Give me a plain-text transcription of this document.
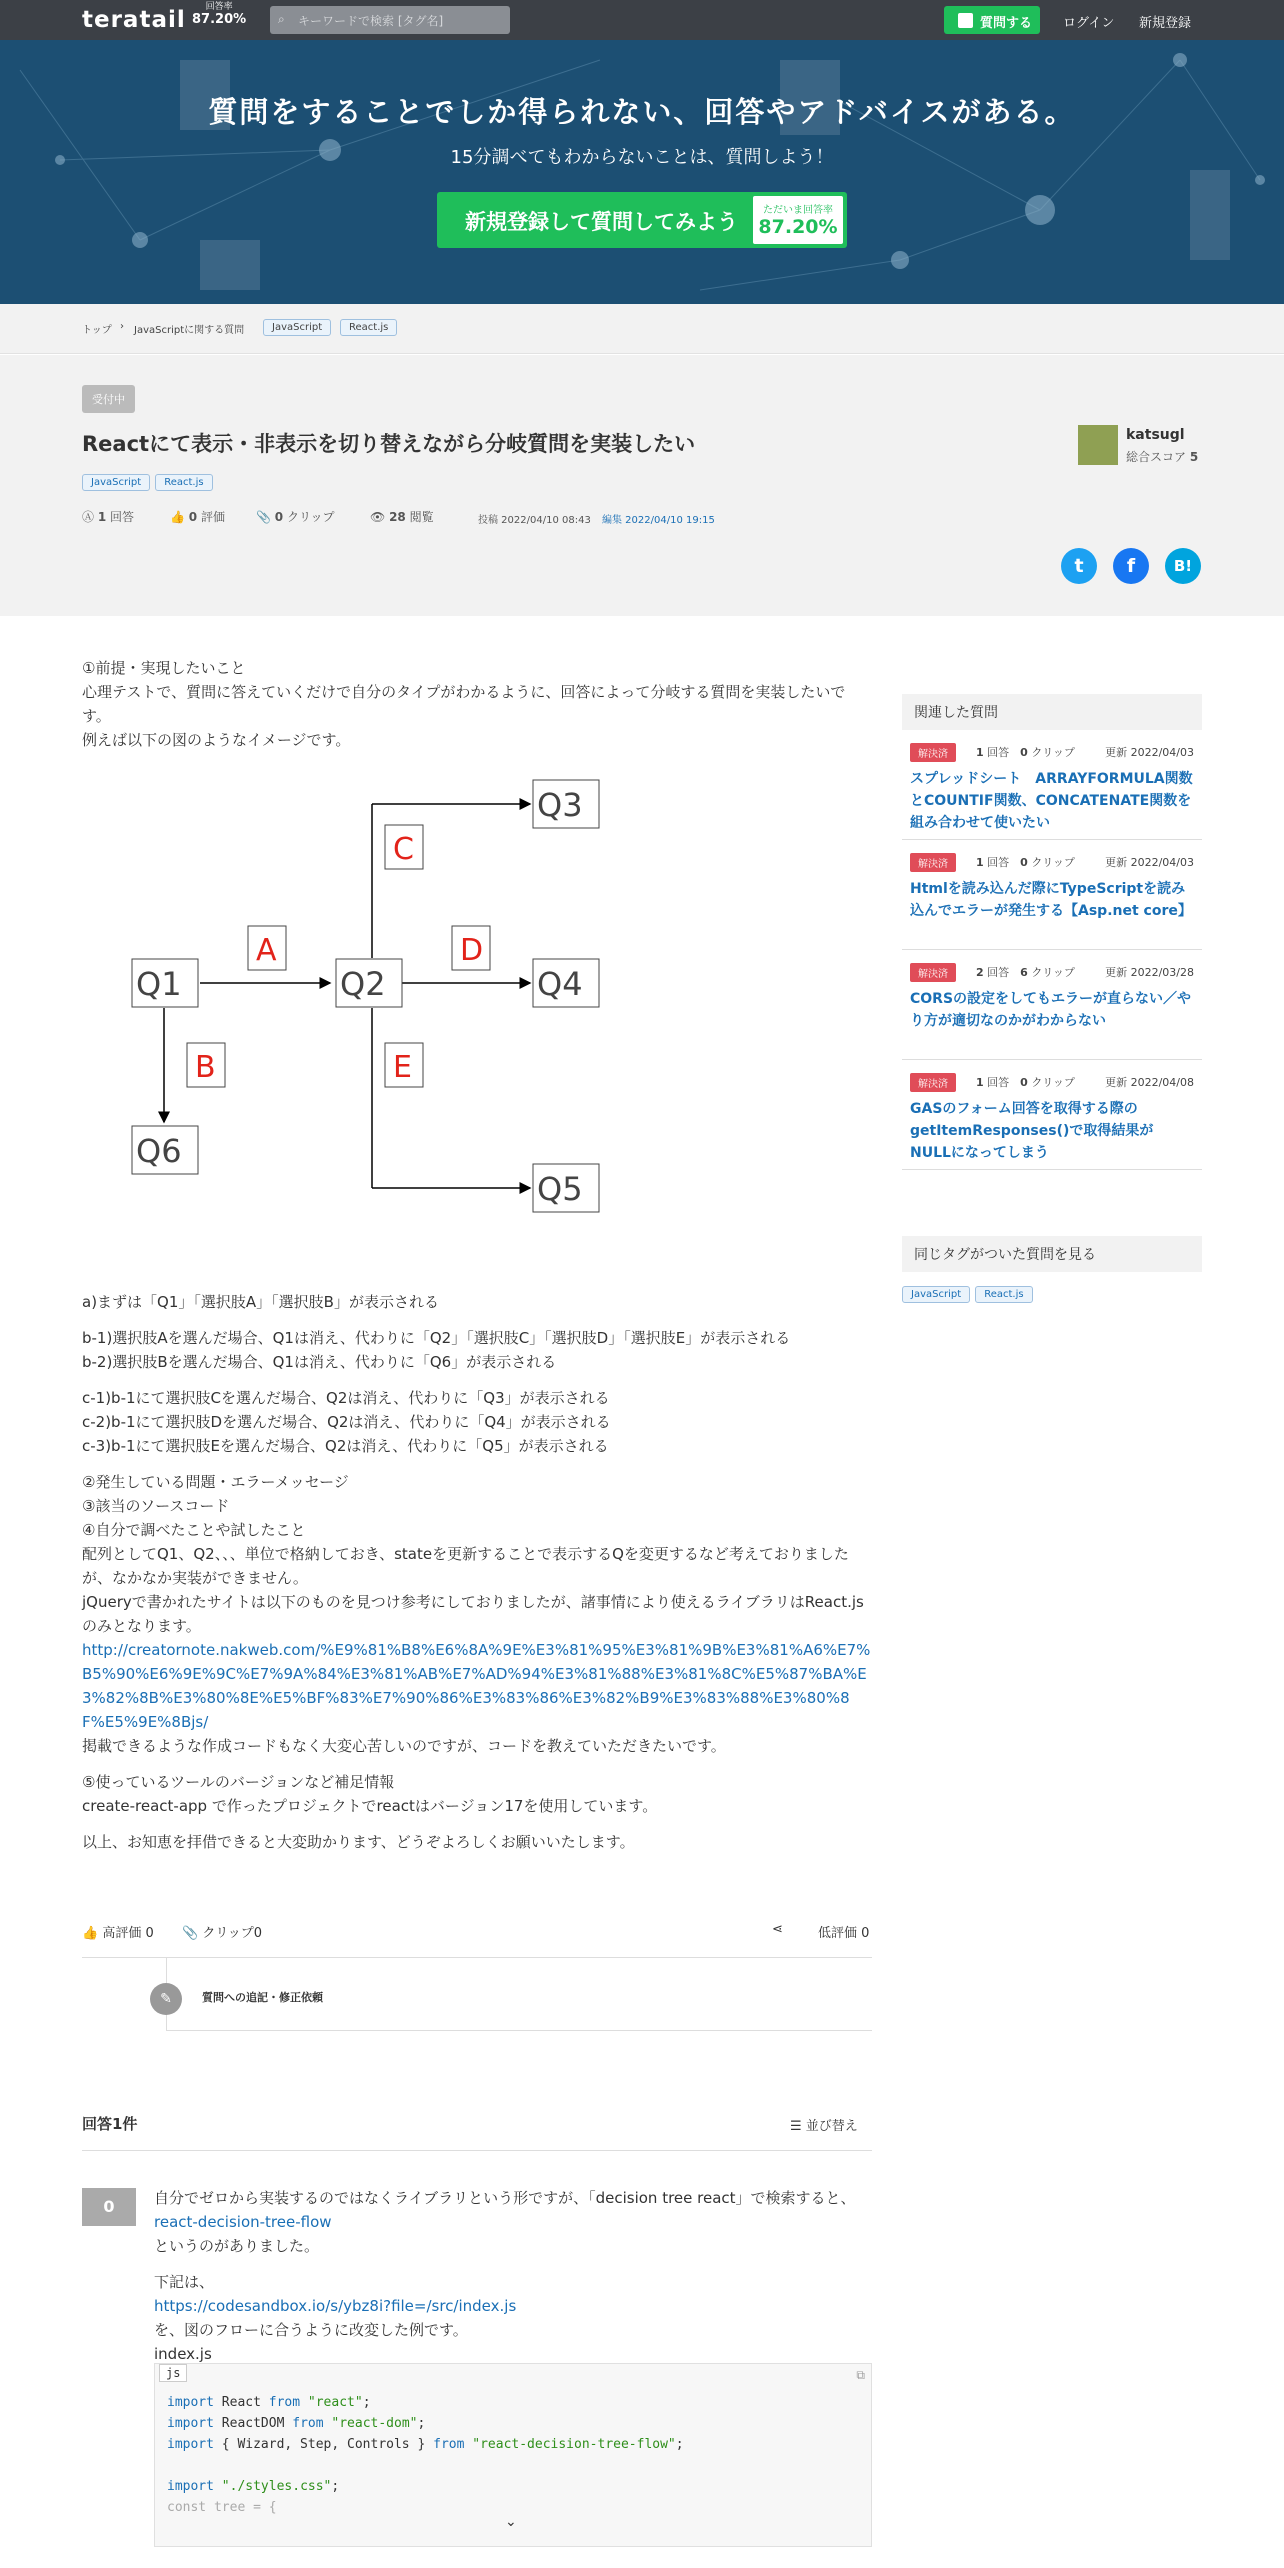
teratail	回答率
87.20%	⌕ キーワードで検索 [タグ名]	質問する	ログイン 新規登録
質問をすることでしか得られない、回答やアドバイスがある。
15分調べてもわからないことは、質問しよう！
新規登録して質問してみよう	ただいま回答率
87.20%
トップ › JavaScriptに関する質問	JavaScript	React.js
受付中
Reactにて表示・非表示を切り替えながら分岐質問を実装したい
JavaScript React.js
Ⓐ 1 回答	👍 0 評価	📎 0 クリップ	👁 28 閲覧	投稿 2022/04/10 08:43 編集 2022/04/10 19:15
katsugl
総合スコア 5
t	f	B!

①前提・実現したいこと

心理テストで、質問に答えていくだけで自分のタイプがわかるように、回答によって分岐する質問を実装したいです。

例えば以下の図のようなイメージです。

Q1	Q2
Q3
Q4
Q5
Q6
A
B
C
D
E

a)まずは「Q1」「選択肢A」「選択肢B」が表示される

b-1)選択肢Aを選んだ場合、Q1は消え、代わりに「Q2」「選択肢C」「選択肢D」「選択肢E」が表示される

b-2)選択肢Bを選んだ場合、Q1は消え、代わりに「Q6」が表示される

c-1)b-1にて選択肢Cを選んだ場合、Q2は消え、代わりに「Q3」が表示される

c-2)b-1にて選択肢Dを選んだ場合、Q2は消え、代わりに「Q4」が表示される

c-3)b-1にて選択肢Eを選んだ場合、Q2は消え、代わりに「Q5」が表示される

②発生している問題・エラーメッセージ

③該当のソースコード

④自分で調べたことや試したこと

配列としてQ1、Q2、、、単位で格納しておき、stateを更新することで表示するQを変更するなど考えておりましたが、なかなか実装ができません。

jQueryで書かれたサイトは以下のものを見つけ参考にしておりましたが、諸事情により使えるライブラリはReact.jsのみとなります。

http://creatornote.nakweb.com/%E9%81%B8%E6%8A%9E%E3%81%95%E3%81%9B%E3%81%A6%E7%B5%90%E6%9E%9C%E7%9A%84%E3%81%AB%E7%AD%94%E3%81%88%E3%81%8C%E5%87%BA%E3%82%8B%E3%80%8E%E5%BF%83%E7%90%86%E3%83%86%E3%82%B9%E3%83%88%E3%80%8F%E5%9E%8Bjs/

掲載できるような作成コードもなく大変心苦しいのですが、コードを教えていただきたいです。

⑤使っているツールのバージョンなど補足情報

create-react-app で作ったプロジェクトでreactはバージョン17を使用しています。

以上、お知恵を拝借できると大変助かります、どうぞよろしくお願いいたします。

👍 高評価 0 📎 クリップ0	⋖	低評価 0
✎	質問への追記・修正依頼
回答1件	☰ 並び替え
0	自分でゼロから実装するのではなくライブラリという形ですが、「decision tree react」で検索すると、react-decision-tree-flow

というのがありました。

下記は、

https://codesandbox.io/s/ybz8i?file=/src/index.js

を、図のフローに合うように改変した例です。

index.js

js	⧉
import React from "react";
import ReactDOM from "react-dom";
import { Wizard, Step, Controls } from "react-decision-tree-flow";

import "./styles.css";
const tree = {
⌄
関連した質問
解決済	1 回答　 0 クリップ	更新 2022/04/03
スプレッドシート　ARRAYFORMULA関数とCOUNTIF関数、CONCATENATE関数を組み合わせて使いたい
解決済	1 回答　 0 クリップ	更新 2022/04/03
Htmlを読み込んだ際にTypeScriptを読み込んでエラーが発生する【Asp.net core】
解決済	2 回答　 6 クリップ	更新 2022/03/28
CORSの設定をしてもエラーが直らない／やり方が適切なのかがわからない
解決済	1 回答　 0 クリップ	更新 2022/04/08
GASのフォーム回答を取得する際のgetItemResponses()で取得結果がNULLになってしまう
同じタグがついた質問を見る
JavaScript React.js
